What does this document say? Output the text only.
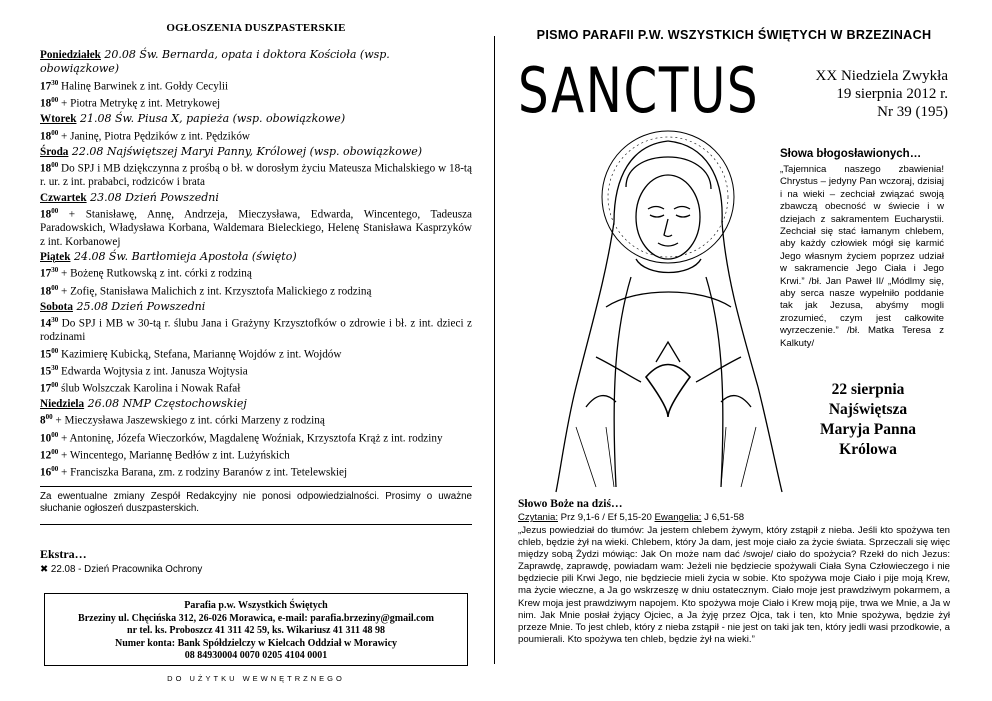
OGŁOSZENIA DUSZPASTERSKIE
Poniedziałek 20.08 Św. Bernarda, opata i doktora Kościoła (wsp. obowiązkowe)
$17^{30}$ Halinę Barwinek z int. Gołdy Cecylii
$18^{00}$ + Piotra Metrykę z int. Metrykowej
Wtorek 21.08 Św. Piusa X, papieża (wsp. obowiązkowe)
$18^{00}$ + Janinę, Piotra Pędzików z int. Pędzików
Środa 22.08 Najświętszej Maryi Panny, Królowej (wsp. obowiązkowe)
$18^{00}$ Do SPJ i MB dziękczynna z prośbą o bł. w dorosłym życiu Mateusza Michalskiego w 18-tą r. ur. z int. prababci, rodziców i brata
Czwartek 23.08 Dzień Powszedni
$18^{00}$ + Stanisławę, Annę, Andrzeja, Mieczysława, Edwarda, Wincentego, Tadeusza Paradowskich, Władysława Korbana, Waldemara Bieleckiego, Helenę Stanisława Kasprzyków z int. Korbanowej
Piątek 24.08 Św. Bartłomieja Apostoła (święto)
$17^{30}$ + Bożenę Rutkowską z int. córki z rodziną
$18^{00}$ + Zofię, Stanisława Malichich z int. Krzysztofa Malickiego z rodziną
Sobota 25.08 Dzień Powszedni
$14^{30}$ Do SPJ i MB w 30-tą r. ślubu Jana i Grażyny Krzysztofków o zdrowie i bł. z int. dzieci z rodzinami
$15^{00}$ Kazimierę Kubicką, Stefana, Mariannę Wojdów z int. Wojdów
$15^{30}$ Edwarda Wojtysia z int. Janusza Wojtysia
$17^{00}$ ślub Wolszczak Karolina i Nowak Rafał
Niedziela 26.08 NMP Częstochowskiej
$8^{00}$ + Mieczysława Jaszewskiego z int. córki Marzeny z rodziną
$10^{00}$ + Antoninę, Józefa Wieczorków, Magdalenę Woźniak, Krzysztofa Krąż z int. rodziny
$12^{00}$ + Wincentego, Mariannę Bedłów z int. Lużyńskich
$16^{00}$ + Franciszka Barana, zm. z rodziny Baranów z int. Tetelewskiej
Za ewentualne zmiany Zespół Redakcyjny nie ponosi odpowiedzialności. Prosimy o uważne słuchanie ogłoszeń duszpasterskich.
Ekstra…
✖ 22.08 - Dzień Pracownika Ochrony
Parafia p.w. Wszystkich Świętych
Brzeziny ul. Chęcińska 312, 26-026 Morawica, e-mail: parafia.brzeziny@gmail.com
nr tel. ks. Proboszcz 41 311 42 59, ks. Wikariusz 41 311 48 98
Numer konta: Bank Spółdzielczy w Kielcach Oddział w Morawicy
08 84930004 0070 0205 4104 0001
DO UŻYTKU WEWNĘTRZNEGO
PISMO PARAFII P.W. WSZYSTKICH ŚWIĘTYCH W BRZEZINACH
SANCTUS	XX Niedziela Zwykła
19 sierpnia 2012 r.
Nr 39 (195)
Słowa błogosławionych…
„Tajemnica naszego zbawienia! Chrystus – jedyny Pan wczoraj, dzisiaj i na wieki – zechciał związać swoją zbawczą obecność w świecie i w dziejach z sakramentem Eucharystii. Zechciał się stać łamanym chlebem, aby każdy człowiek mógł się karmić Jego własnym życiem poprzez udział w sakramencie Jego Ciała i Jego Krwi.” /bł. Jan Paweł II/ „Módlmy się, aby serca nasze wypełniło poddanie tak jak Jezusa, abyśmy mogli zrozumieć, czym jest całkowite wyrzeczenie.” /bł. Matka Teresa z Kalkuty/
22 sierpnia
Najświętsza
Maryja Panna
Królowa
Słowo Boże na dziś…
Czytania: Prz 9,1-6 / Ef 5,15-20 Ewangelia: J 6,51-58
„Jezus powiedział do tłumów: Ja jestem chlebem żywym, który zstąpił z nieba. Jeśli kto spożywa ten chleb, będzie żył na wieki. Chlebem, który Ja dam, jest moje ciało za życie świata. Sprzeczali się więc między sobą Żydzi mówiąc: Jak On może nam dać /swoje/ ciało do spożycia? Rzekł do nich Jezus: Zaprawdę, zaprawdę, powiadam wam: Jeżeli nie będziecie spożywali Ciała Syna Człowieczego i nie będziecie pili Krwi Jego, nie będziecie mieli życia w sobie. Kto spożywa moje Ciało i pije moją Krew, ma życie wieczne, a Ja go wskrzeszę w dniu ostatecznym. Ciało moje jest prawdziwym pokarmem, a Krew moja jest prawdziwym napojem. Kto spożywa moje Ciało i Krew moją pije, trwa we Mnie, a Ja w nim. Jak Mnie posłał żyjący Ojciec, a Ja żyję przez Ojca, tak i ten, kto Mnie spożywa, będzie żył przeze Mnie. To jest chleb, który z nieba zstąpił - nie jest on taki jak ten, który jedli wasi przodkowie, a poumierali. Kto spożywa ten chleb, będzie żył na wieki.”
